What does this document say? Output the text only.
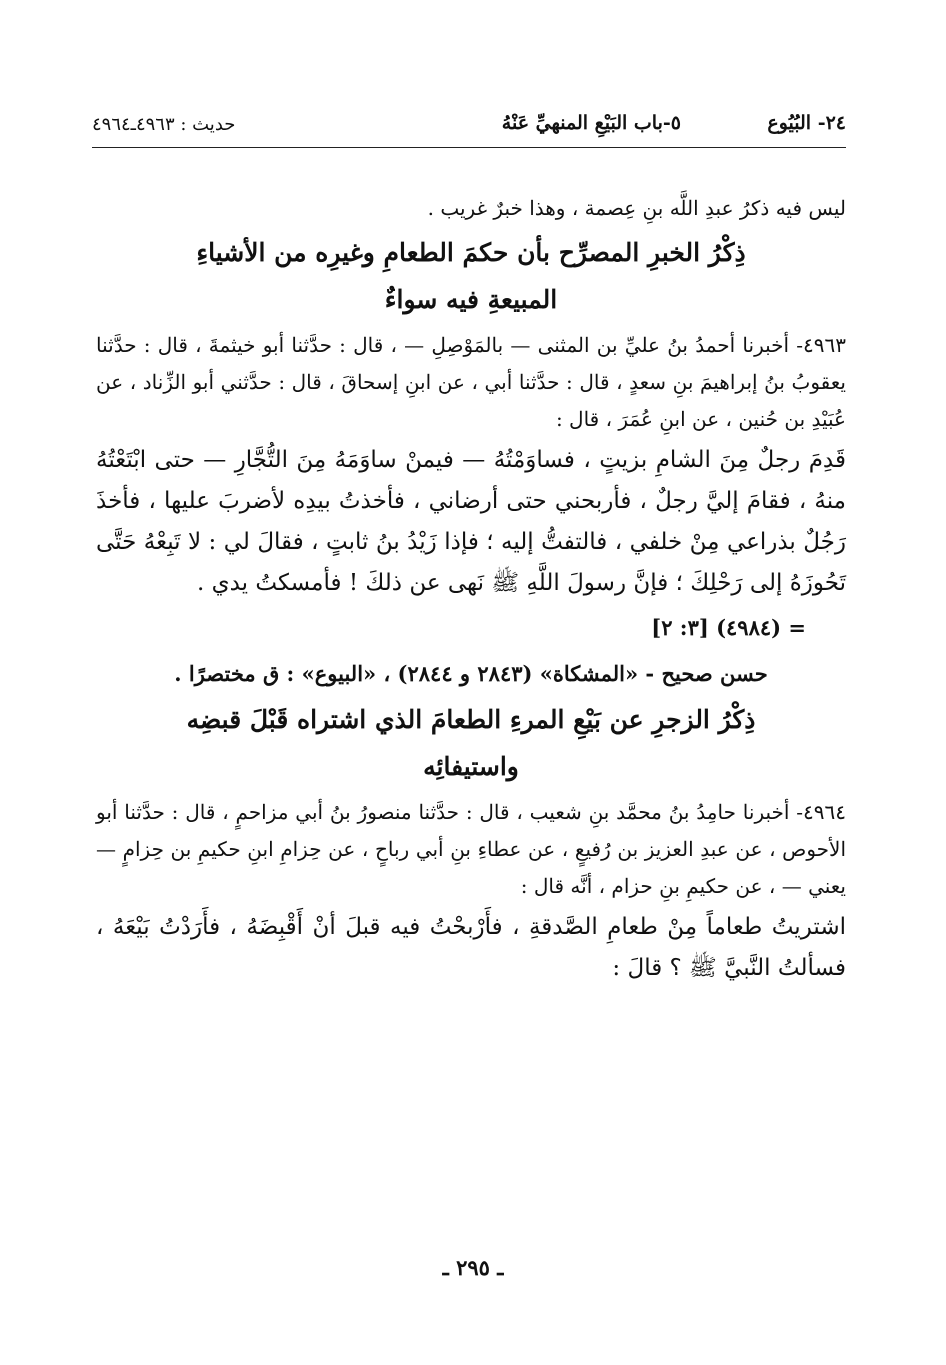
٢٤- البُيُوع
٥-باب البَيْعِ المنهيِّ عَنْهُ
حديث : ٤٩٦٣ـ٤٩٦٤

ليس فيه ذكرُ عبدِ اللَّه بنِ عِصمة ، وهذا خبرٌ غريب .

ذِكْرُ الخبرِ المصرِّح بأن حكمَ الطعامِ وغيرِه من الأشياءِ
المبيعةِ فيه سواءٌ

٤٩٦٣- أخبرنا أحمدُ بنُ عليِّ بن المثنى — بالمَوْصِلِ — ، قال : حدَّثنا أبو خيثمةَ ، قال : حدَّثنا يعقوبُ بنُ إبراهيمَ بنِ سعدٍ ، قال : حدَّثنا أبي ، عن ابنِ إسحاقَ ، قال : حدَّثني أبو الزِّناد ، عن عُبَيْدِ بن حُنين ، عن ابنِ عُمَرَ ، قال :

قَدِمَ رجلٌ مِنَ الشامِ بزيتٍ ، فساوَمْتُهُ — فيمنْ ساوَمَهُ مِنَ التُّجَّارِ — حتى ابْتَعْتُهُ منهُ ، فقامَ إليَّ رجلٌ ، فأربحني حتى أرضاني ، فأخذتُ بيدِه لأضربَ عليها ، فأخذَ رَجُلٌ بذراعي مِنْ خلفي ، فالتفتُّ إليه ؛ فإذا زَيْدُ بنُ ثابتٍ ، فقالَ لي : لا تَبِعْهُ حَتَّى تَحُوزَهُ إلى رَحْلِكَ ؛ فإنَّ رسولَ اللَّهِ ﷺ نَهى عن ذلكَ ! فأمسكتُ يدي .

= (٤٩٨٤) [٣: ٢]
حسن صحيح - «المشكاة» (٢٨٤٣ و ٢٨٤٤) ، «البيوع» : ق مختصرًا .
ذِكْرُ الزجرِ عن بَيْعِ المرءِ الطعامَ الذي اشتراه قَبْلَ قبضِه
واستيفائِه

٤٩٦٤- أخبرنا حامِدُ بنُ محمَّد بنِ شعيب ، قال : حدَّثنا منصورُ بنُ أبي مزاحمٍ ، قال : حدَّثنا أبو الأحوص ، عن عبدِ العزيز بن رُفيعٍ ، عن عطاءِ بنِ أبي رباحٍ ، عن حِزامِ ابنِ حكيمِ بن حِزامٍ — يعني — ، عن حكيمِ بنِ حزام ، أنَّه قال :

اشتريتُ طعاماً مِنْ طعامِ الصَّدقةِ ، فأَرْبحْتُ فيه قبلَ أنْ أَقْبِضَهُ ، فأَرَدْتُ بَيْعَهُ ، فسألتُ النَّبيَّ ﷺ ؟ قالَ :

ـ ٢٩٥ ـ
